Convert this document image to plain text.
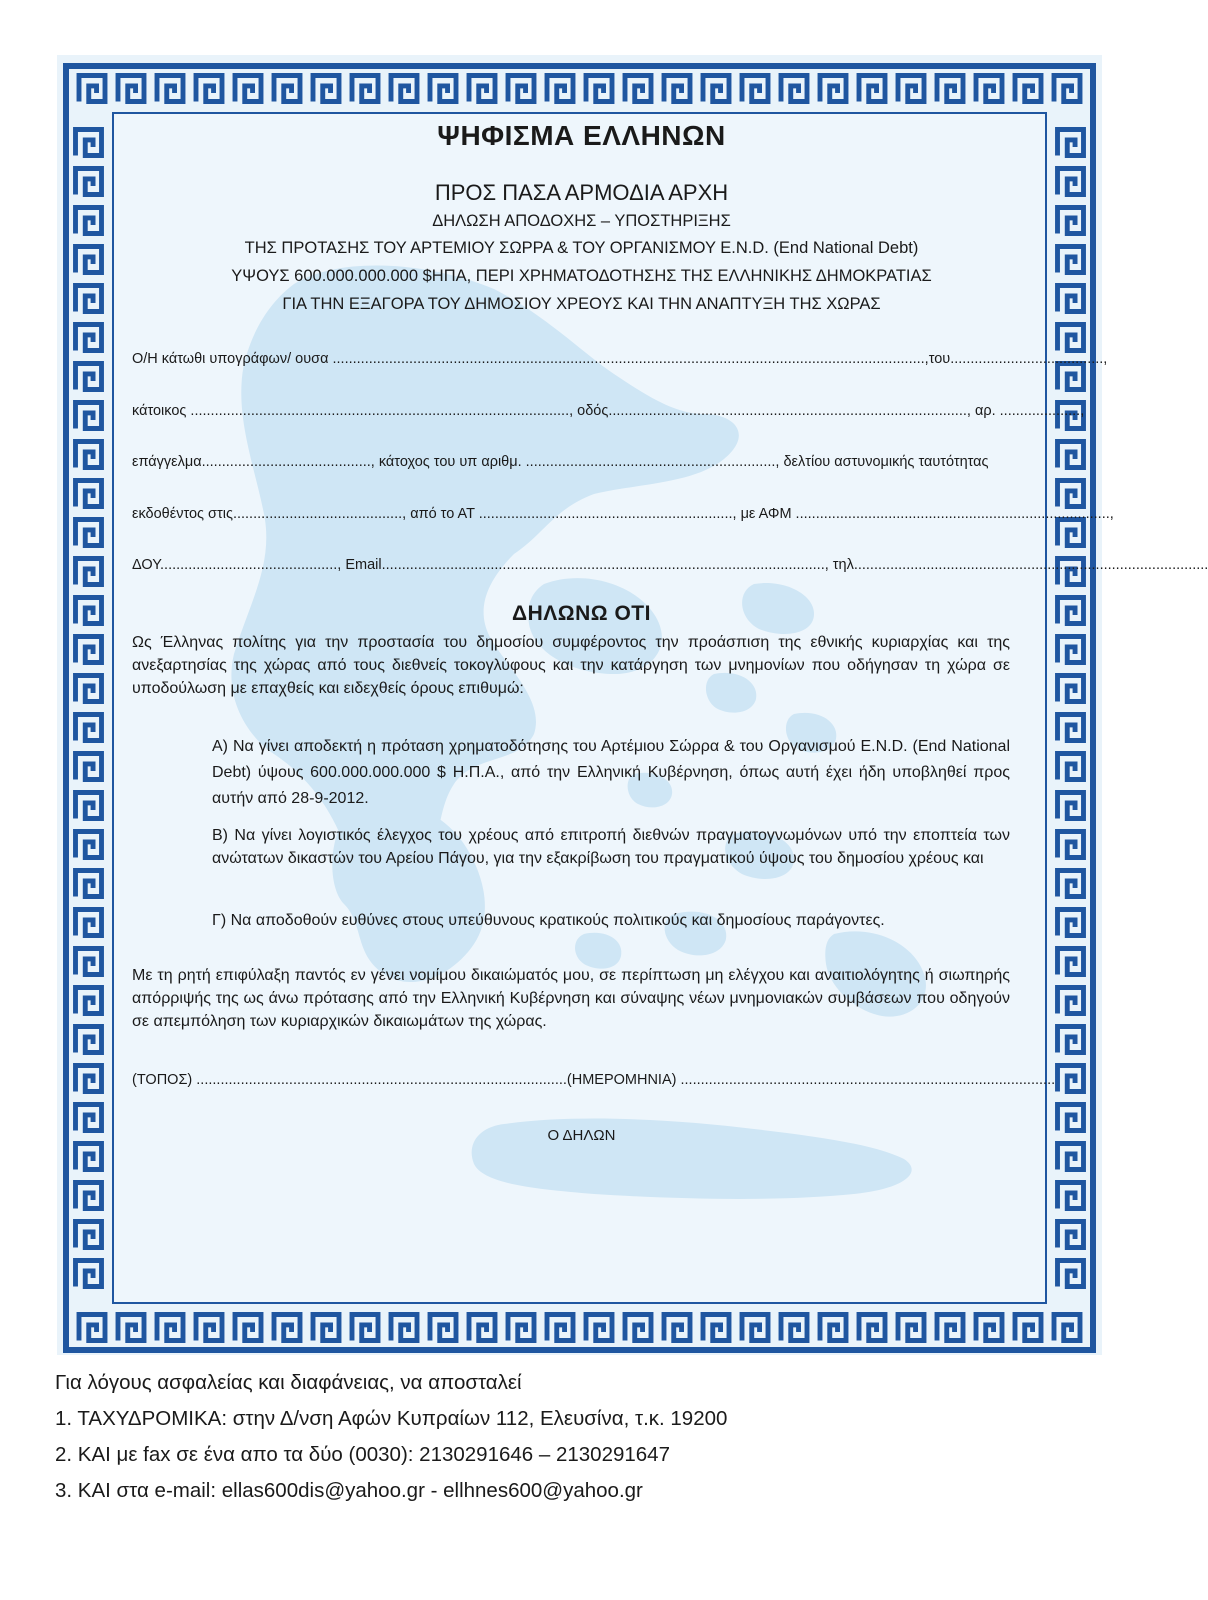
ΨΗΦΙΣΜΑ ΕΛΛΗΝΩΝ
ΠΡΟΣ ΠΑΣΑ ΑΡΜΟΔΙΑ ΑΡΧΗ
ΔΗΛΩΣΗ ΑΠΟΔΟΧΗΣ – ΥΠΟΣΤΗΡΙΞΗΣ
ΤΗΣ ΠΡΟΤΑΣΗΣ ΤΟΥ ΑΡΤΕΜΙΟΥ ΣΩΡΡΑ & ΤΟΥ ΟΡΓΑΝΙΣΜΟΥ E.N.D. (End National Debt)
ΥΨΟΥΣ 600.000.000.000 $ΗΠΑ, ΠΕΡΙ ΧΡΗΜΑΤΟΔΟΤΗΣΗΣ ΤΗΣ ΕΛΛΗΝΙΚΗΣ ΔΗΜΟΚΡΑΤΙΑΣ
ΓΙΑ ΤΗΝ ΕΞΑΓΟΡΑ ΤΟΥ ΔΗΜΟΣΙΟΥ ΧΡΕΟΥΣ ΚΑΙ ΤΗΝ ΑΝΑΠΤΥΞΗ ΤΗΣ ΧΩΡΑΣ
Ο/Η κάτωθι υπογράφων/ ουσα ...................................................................................................................................................,του......................................,
κάτοικος .............................................................................................., οδός........................................................................................., αρ. ....................,
επάγγελμα.........................................., κάτοχος του υπ αριθμ. .............................................................., δελτίου αστυνομικής ταυτότητας
εκδοθέντος στις.........................................., από το ΑΤ ..............................................................., με ΑΦΜ ..............................................................................,
ΔΟΥ............................................, Email.............................................................................................................., τηλ........................................................................................
ΔΗΛΩΝΩ ΟΤΙ
Ως Έλληνας πολίτης για την προστασία του δημοσίου συμφέροντος την προάσπιση της εθνικής κυριαρχίας και της ανεξαρτησίας της χώρας από τους διεθνείς τοκογλύφους και την κατάργηση των μνημονίων που οδήγησαν τη χώρα σε υποδούλωση με επαχθείς και ειδεχθείς όρους επιθυμώ:
Α) Να γίνει αποδεκτή η πρόταση χρηματοδότησης του Αρτέμιου Σώρρα & του Οργανισμού E.N.D. (End National Debt) ύψους 600.000.000.000 $ Η.Π.Α., από την Ελληνική Κυβέρνηση, όπως αυτή έχει ήδη υποβληθεί προς αυτήν από 28-9-2012.
Β) Να γίνει λογιστικός έλεγχος του χρέους από επιτροπή διεθνών πραγματογνωμόνων υπό την εποπτεία των ανώτατων δικαστών του Αρείου Πάγου, για την εξακρίβωση του πραγματικού ύψους του δημοσίου χρέους και
Γ) Να αποδοθούν ευθύνες στους υπεύθυνους κρατικούς πολιτικούς και δημοσίους παράγοντες.
Με τη ρητή επιφύλαξη παντός εν γένει νομίμου δικαιώματός μου, σε περίπτωση μη ελέγχου και αναιτιολόγητης ή σιωπηρής απόρριψής της ως άνω πρότασης από την Ελληνική Κυβέρνηση και σύναψης νέων μνημονιακών συμβάσεων που οδηγούν σε απεμπόληση των κυριαρχικών δικαιωμάτων της χώρας.
(ΤΟΠΟΣ) ............................................................................................(ΗΜΕΡΟΜΗΝΙΑ) .............................................................................................
Ο ΔΗΛΩΝ
Για λόγους ασφαλείας και διαφάνειας, να αποσταλεί
1. ΤΑΧΥΔΡΟΜΙΚΑ: στην Δ/νση Αφών Κυπραίων 112, Ελευσίνα, τ.κ. 19200
2. ΚΑΙ με fax σε ένα απο τα δύο (0030): 2130291646 – 2130291647
3. ΚΑΙ στα e-mail: ellas600dis@yahoo.gr - ellhnes600@yahoo.gr
